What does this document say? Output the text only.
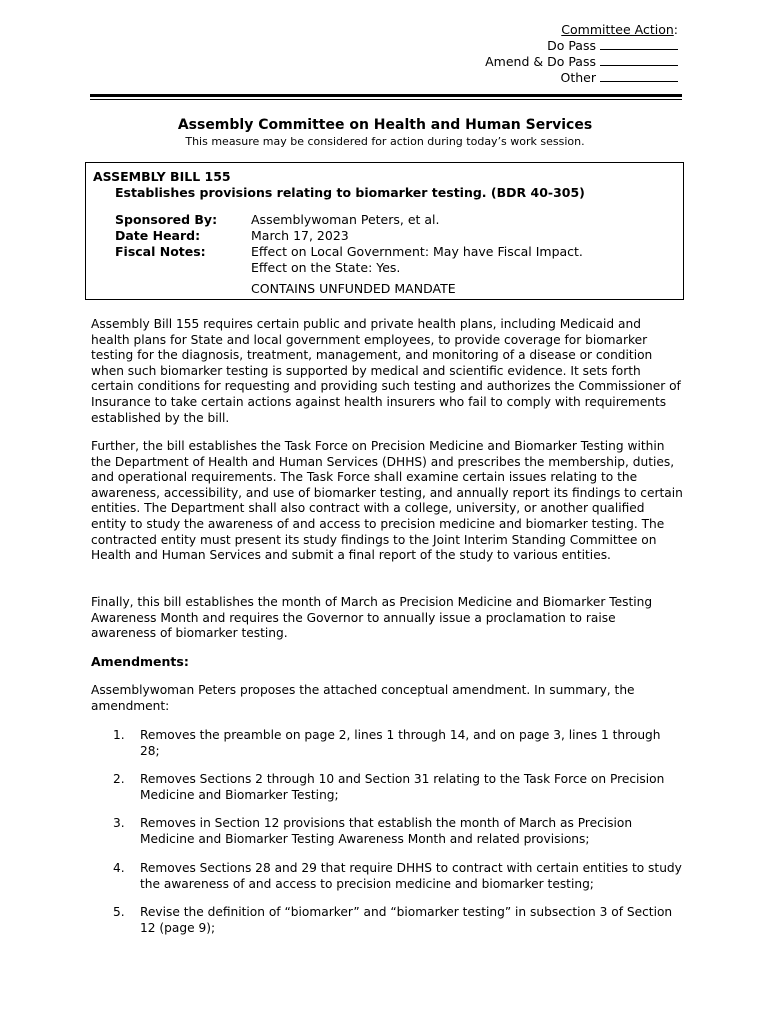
Committee Action:
Do Pass
Amend & Do Pass
Other
Assembly Committee on Health and Human Services
This measure may be considered for action during today’s work session.
ASSEMBLY BILL 155
Establishes provisions relating to biomarker testing. (BDR 40-305)
Sponsored By:	Assemblywoman Peters, et al.
Date Heard:	March 17, 2023
Fiscal Notes:	Effect on Local Government: May have Fiscal Impact.
Effect on the State: Yes.
CONTAINS UNFUNDED MANDATE

Assembly Bill 155 requires certain public and private health plans, including Medicaid and health plans for State and local government employees, to provide coverage for biomarker testing for the diagnosis, treatment, management, and monitoring of a disease or condition when such biomarker testing is supported by medical and scientific evidence. It sets forth certain conditions for requesting and providing such testing and authorizes the Commissioner of Insurance to take certain actions against health insurers who fail to comply with requirements established by the bill.

Further, the bill establishes the Task Force on Precision Medicine and Biomarker Testing within the Department of Health and Human Services (DHHS) and prescribes the membership, duties, and operational requirements. The Task Force shall examine certain issues relating to the awareness, accessibility, and use of biomarker testing, and annually report its findings to certain entities. The Department shall also contract with a college, university, or another qualified entity to study the awareness of and access to precision medicine and biomarker testing. The contracted entity must present its study findings to the Joint Interim Standing Committee on Health and Human Services and submit a final report of the study to various entities.

Finally, this bill establishes the month of March as Precision Medicine and Biomarker Testing Awareness Month and requires the Governor to annually issue a proclamation to raise awareness of biomarker testing.

Amendments:

Assemblywoman Peters proposes the attached conceptual amendment. In summary, the amendment:

1. Removes the preamble on page 2, lines 1 through 14, and on page 3, lines 1 through 28;
2. Removes Sections 2 through 10 and Section 31 relating to the Task Force on Precision Medicine and Biomarker Testing;
3. Removes in Section 12 provisions that establish the month of March as Precision Medicine and Biomarker Testing Awareness Month and related provisions;
4. Removes Sections 28 and 29 that require DHHS to contract with certain entities to study the awareness of and access to precision medicine and biomarker testing;
5. Revise the definition of “biomarker” and “biomarker testing” in subsection 3 of Section 12 (page 9);
